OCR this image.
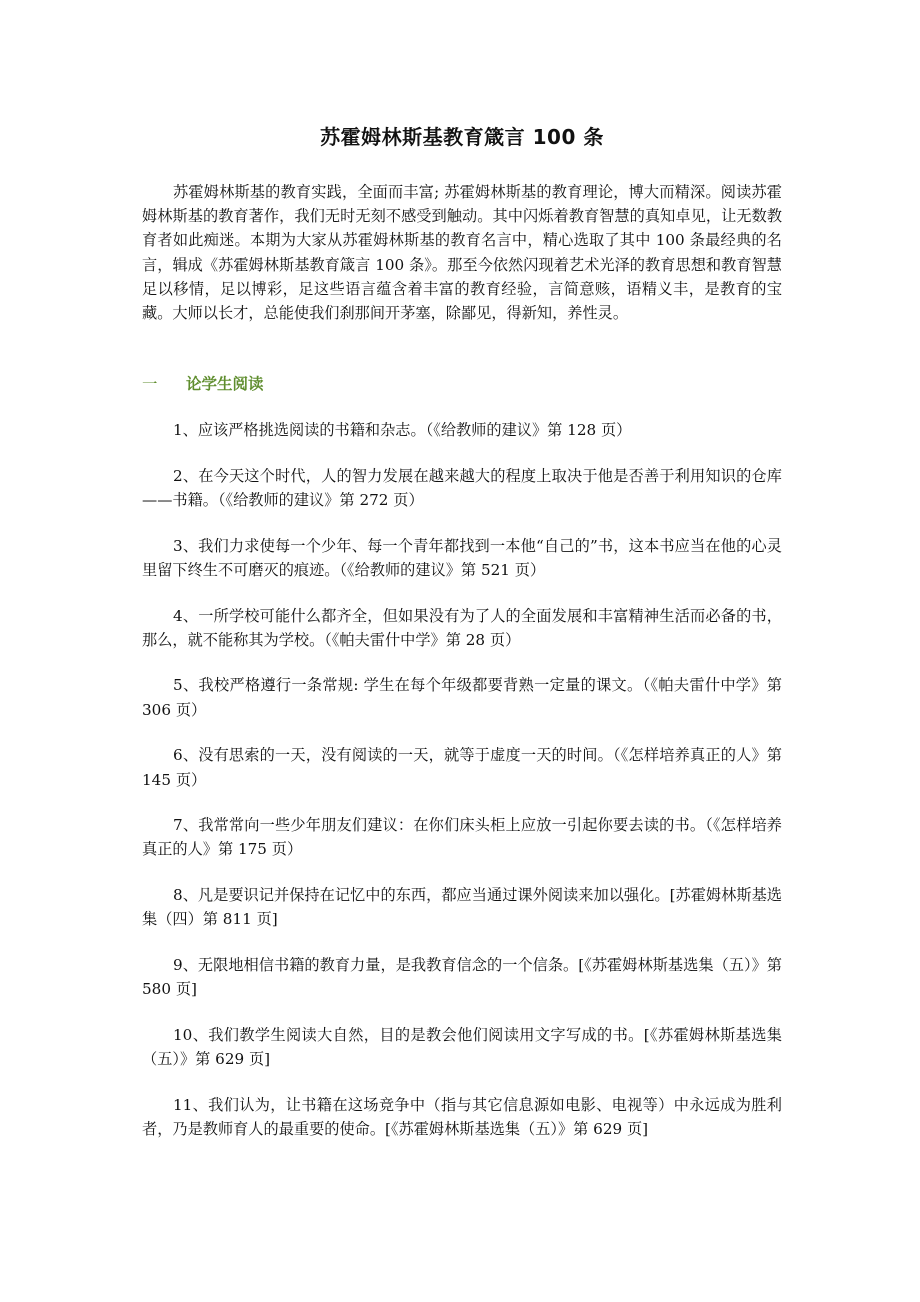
苏霍姆林斯基教育箴言 100 条

苏霍姆林斯基的教育实践，全面而丰富; 苏霍姆林斯基的教育理论，博大而精深。阅读苏霍姆林斯基的教育著作，我们无时无刻不感受到触动。其中闪烁着教育智慧的真知卓见，让无数教育者如此痴迷。本期为大家从苏霍姆林斯基的教育名言中，精心选取了其中 100 条最经典的名言，辑成《苏霍姆林斯基教育箴言 100 条》。那至今依然闪现着艺术光泽的教育思想和教育智慧足以移情，足以博彩，足这些语言蕴含着丰富的教育经验，言简意赅，语精义丰，是教育的宝藏。大师以长才，总能使我们刹那间开茅塞，除鄙见，得新知，养性灵。

一 论学生阅读

1、应该严格挑选阅读的书籍和杂志。（《给教师的建议》第 128 页）

2、在今天这个时代，人的智力发展在越来越大的程度上取决于他是否善于利用知识的仓库——书籍。（《给教师的建议》第 272 页）

3、我们力求使每一个少年、每一个青年都找到一本他“自己的”书，这本书应当在他的心灵里留下终生不可磨灭的痕迹。（《给教师的建议》第 521 页）

4、一所学校可能什么都齐全，但如果没有为了人的全面发展和丰富精神生活而必备的书，那么，就不能称其为学校。（《帕夫雷什中学》第 28 页）

5、我校严格遵行一条常规: 学生在每个年级都要背熟一定量的课文。（《帕夫雷什中学》第 306 页）

6、没有思索的一天，没有阅读的一天，就等于虚度一天的时间。（《怎样培养真正的人》第 145 页）

7、我常常向一些少年朋友们建议：在你们床头柜上应放一引起你要去读的书。（《怎样培养真正的人》第 175 页）

8、凡是要识记并保持在记忆中的东西，都应当通过课外阅读来加以强化。[苏霍姆林斯基选集（四）第 811 页]

9、无限地相信书籍的教育力量，是我教育信念的一个信条。[《苏霍姆林斯基选集（五）》第 580 页]

10、我们教学生阅读大自然，目的是教会他们阅读用文字写成的书。[《苏霍姆林斯基选集（五）》第 629 页]

11、我们认为，让书籍在这场竞争中（指与其它信息源如电影、电视等）中永远成为胜利者，乃是教师育人的最重要的使命。[《苏霍姆林斯基选集（五）》第 629 页]
